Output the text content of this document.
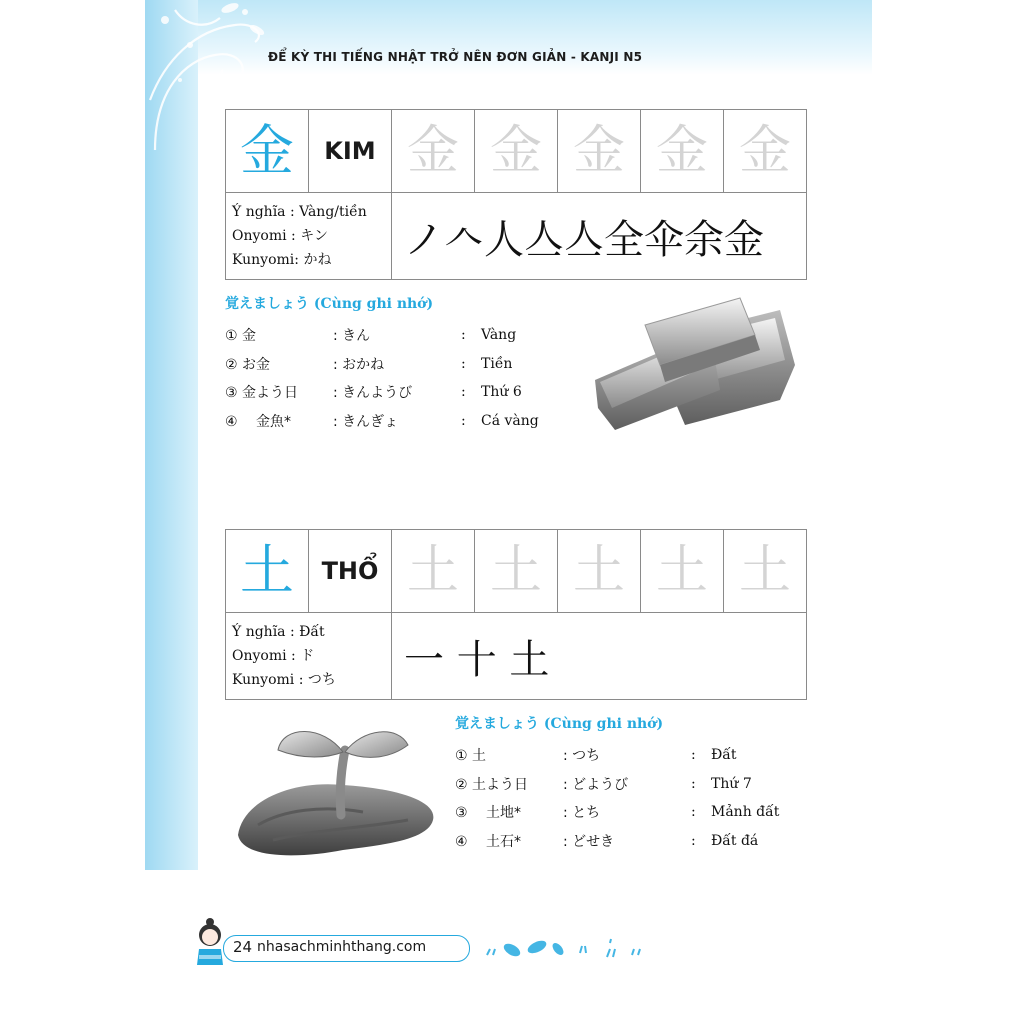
ĐỂ KỲ THI TIẾNG NHẬT TRỞ NÊN ĐƠN GIẢN - KANJI N5
金	KIM	金	金	金	金	金

Ý nghĩa : Vàng/tiền
Onyomi : キン
Kunyomi: かね		ノ𠆢人亼亼全伞余金				
覚えましょう (Cùng ghi nhớ)
① 金	: きん	:	Vàng
② お金	: おかね	:	Tiền
③ 金よう日	: きんようび	:	Thứ 6
④ 　金魚*	: きんぎょ	:	Cá vàng
土	THỔ	土	土	土	土	土

Ý nghĩa : Đất
Onyomi : ド
Kunyomi : つち		一 十 土				
覚えましょう (Cùng ghi nhớ)
① 土	: つち	:	Đất
② 土よう日	: どようび	:	Thứ 7
③ 　土地*	: とち	:	Mảnh đất
④ 　土石*	: どせき	:	Đất đá
24 nhasachminhthang.com
